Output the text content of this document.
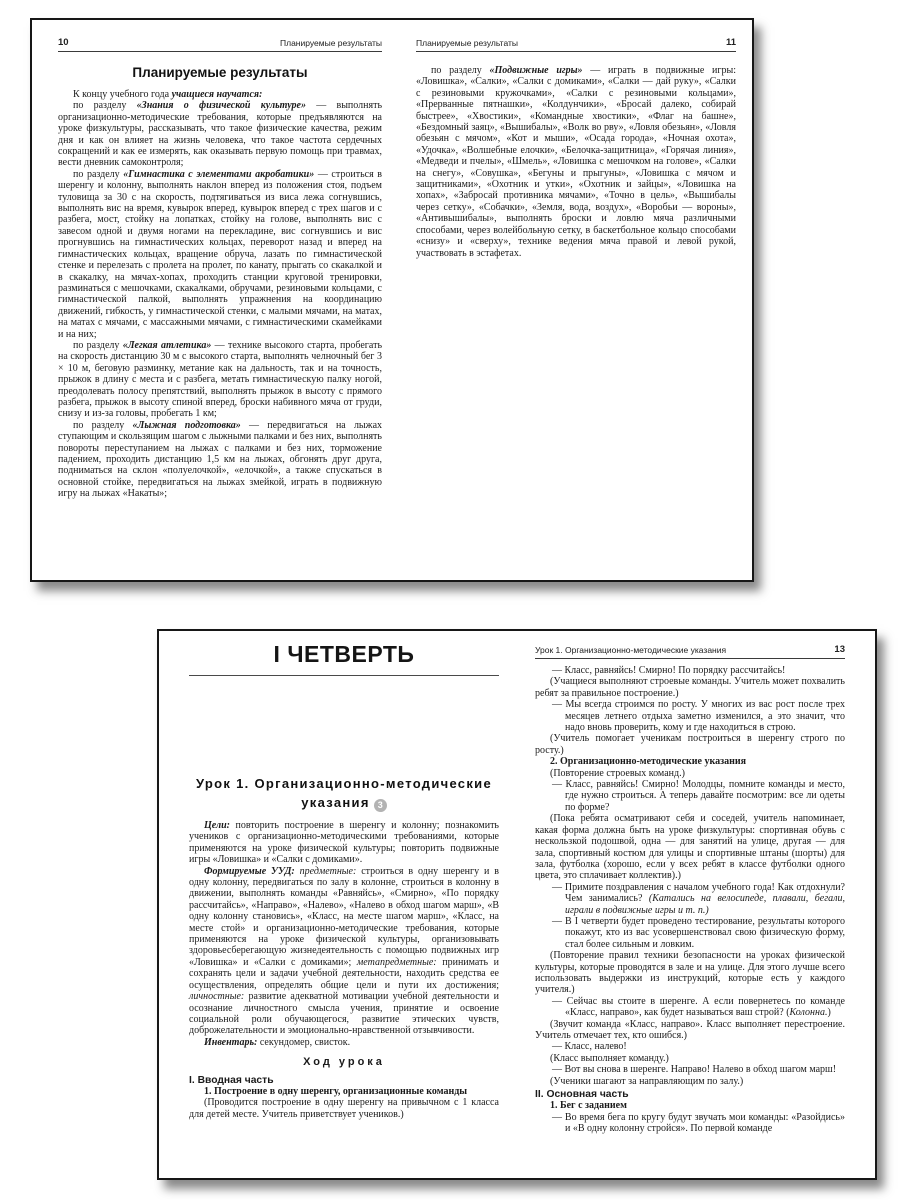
10	Планируемые результаты
Планируемые результаты
К концу учебного года учащиеся научатся:
по разделу «Знания о физической культуре» — выполнять организационно-методические требования, которые предъявляются на уроке физкультуры, рассказывать, что такое физические качества, режим дня и как он влияет на жизнь человека, что такое частота сердечных сокращений и как ее измерять, как оказывать первую помощь при травмах, вести дневник самоконтроля;
по разделу «Гимнастика с элементами акробатики» — строиться в шеренгу и колонну, выполнять наклон вперед из положения стоя, подъем туловища за 30 с на скорость, подтягиваться из виса лежа согнувшись, выполнять вис на время, кувырок вперед, кувырок вперед с трех шагов и с разбега, мост, стойку на лопатках, стойку на голове, выполнять вис с завесом одной и двумя ногами на перекладине, вис согнувшись и вис прогнувшись на гимнастических кольцах, переворот назад и вперед на гимнастических кольцах, вращение обруча, лазать по гимнастической стенке и перелезать с пролета на пролет, по канату, прыгать со скакалкой и в скакалку, на мячах-хопах, проходить станции круговой тренировки, разминаться с мешочками, скакалками, обручами, резиновыми кольцами, с гимнастической палкой, выполнять упражнения на координацию движений, гибкость, у гимнастической стенки, с малыми мячами, на матах, на матах с мячами, с массажными мячами, с гимнастическими скамейками и на них;
по разделу «Легкая атлетика» — технике высокого старта, пробегать на скорость дистанцию 30 м с высокого старта, выполнять челночный бег 3 × 10 м, беговую разминку, метание как на дальность, так и на точность, прыжок в длину с места и с разбега, метать гимнастическую палку ногой, преодолевать полосу препятствий, выполнять прыжок в высоту с прямого разбега, прыжок в высоту спиной вперед, броски набивного мяча от груди, снизу и из-за головы, пробегать 1 км;
по разделу «Лыжная подготовка» — передвигаться на лыжах ступающим и скользящим шагом с лыжными палками и без них, выполнять повороты переступанием на лыжах с палками и без них, торможение падением, проходить дистанцию 1,5 км на лыжах, обгонять друг друга, подниматься на склон «полуелочкой», «елочкой», а также спускаться в основной стойке, передвигаться на лыжах змейкой, играть в подвижную игру на лыжах «Накаты»;
Планируемые результаты	11
по разделу «Подвижные игры» — играть в подвижные игры: «Ловишка», «Салки», «Салки с домиками», «Салки — дай руку», «Салки с резиновыми кружочками», «Салки с резиновыми кольцами», «Прерванные пятнашки», «Колдунчики», «Бросай далеко, собирай быстрее», «Хвостики», «Командные хвостики», «Флаг на башне», «Бездомный заяц», «Вышибалы», «Волк во рву», «Ловля обезьян», «Ловля обезьян с мячом», «Кот и мыши», «Осада города», «Ночная охота», «Удочка», «Волшебные елочки», «Белочка-защитница», «Горячая линия», «Медведи и пчелы», «Шмель», «Ловишка с мешочком на голове», «Салки на снегу», «Совушка», «Бегуны и прыгуны», «Ловишка с мячом и защитниками», «Охотник и утки», «Охотник и зайцы», «Ловишка на хопах», «Забросай противника мячами», «Точно в цель», «Вышибалы через сетку», «Собачки», «Земля, вода, воздух», «Воробьи — вороны», «Антивышибалы», выполнять броски и ловлю мяча различными способами, через волейбольную сетку, в баскетбольное кольцо способами «снизу» и «сверху», технике ведения мяча правой и левой рукой, участвовать в эстафетах.
I ЧЕТВЕРТЬ
Урок 1. Организационно-методические
указания 3
Цели: повторить построение в шеренгу и колонну; познакомить учеников с организационно-методическими требованиями, которые применяются на уроке физической культуры; повторить подвижные игры «Ловишка» и «Салки с домиками».
Формируемые УУД: предметные: строиться в одну шеренгу и в одну колонну, передвигаться по залу в колонне, строиться в колонну в движении, выполнять команды «Равняйсь», «Смирно», «По порядку рассчитайсь», «Направо», «Налево», «Налево в обход шагом марш», «В одну колонну становись», «Класс, на месте шагом марш», «Класс, на месте стой» и организационно-методические требования, которые применяются на уроке физической культуры, организовывать здоровьесберегающую жизнедеятельность с помощью подвижных игр «Ловишка» и «Салки с домиками»; метапредметные: принимать и сохранять цели и задачи учебной деятельности, находить средства ее осуществления, определять общие цели и пути их достижения; личностные: развитие адекватной мотивации учебной деятельности и осознание личностного смысла учения, принятие и освоение социальной роли обучающегося, развитие этических чувств, доброжелательности и эмоционально-нравственной отзывчивости.
Инвентарь: секундомер, свисток.
Ход урока
I. Вводная часть
1. Построение в одну шеренгу, организационные команды
(Проводится построение в одну шеренгу на привычном с 1 класса для детей месте. Учитель приветствует учеников.)
Урок 1. Организационно-методические указания	13
— Класс, равняйсь! Смирно! По порядку рассчитайсь!
(Учащиеся выполняют строевые команды. Учитель может похвалить ребят за правильное построение.)
— Мы всегда строимся по росту. У многих из вас рост после трех месяцев летнего отдыха заметно изменился, а это значит, что надо вновь проверить, кому и где находиться в строю.
(Учитель помогает ученикам построиться в шеренгу строго по росту.)
2. Организационно-методические указания
(Повторение строевых команд.)
— Класс, равняйсь! Смирно! Молодцы, помните команды и место, где нужно строиться. А теперь давайте посмотрим: все ли одеты по форме?
(Пока ребята осматривают себя и соседей, учитель напоминает, какая форма должна быть на уроке физкультуры: спортивная обувь с нескользкой подошвой, одна — для занятий на улице, другая — для зала, спортивный костюм для улицы и спортивные штаны (шорты) для зала, футболка (хорошо, если у всех ребят в классе футболки одного цвета, это сплачивает коллектив).)
— Примите поздравления с началом учебного года! Как отдохнули? Чем занимались? (Катались на велосипеде, плавали, бегали, играли в подвижные игры и т. п.)
— В I четверти будет проведено тестирование, результаты которого покажут, кто из вас усовершенствовал свою физическую форму, стал более сильным и ловким.
(Повторение правил техники безопасности на уроках физической культуры, которые проводятся в зале и на улице. Для этого лучше всего использовать выдержки из инструкций, которые есть у каждого учителя.)
— Сейчас вы стоите в шеренге. А если повернетесь по команде «Класс, направо», как будет называться ваш строй? (Колонна.)
(Звучит команда «Класс, направо». Класс выполняет перестроение. Учитель отмечает тех, кто ошибся.)
— Класс, налево!
(Класс выполняет команду.)
— Вот вы снова в шеренге. Направо! Налево в обход шагом марш!
(Ученики шагают за направляющим по залу.)
II. Основная часть
1. Бег с заданием
— Во время бега по кругу будут звучать мои команды: «Разойдись» и «В одну колонну стройся». По первой команде
